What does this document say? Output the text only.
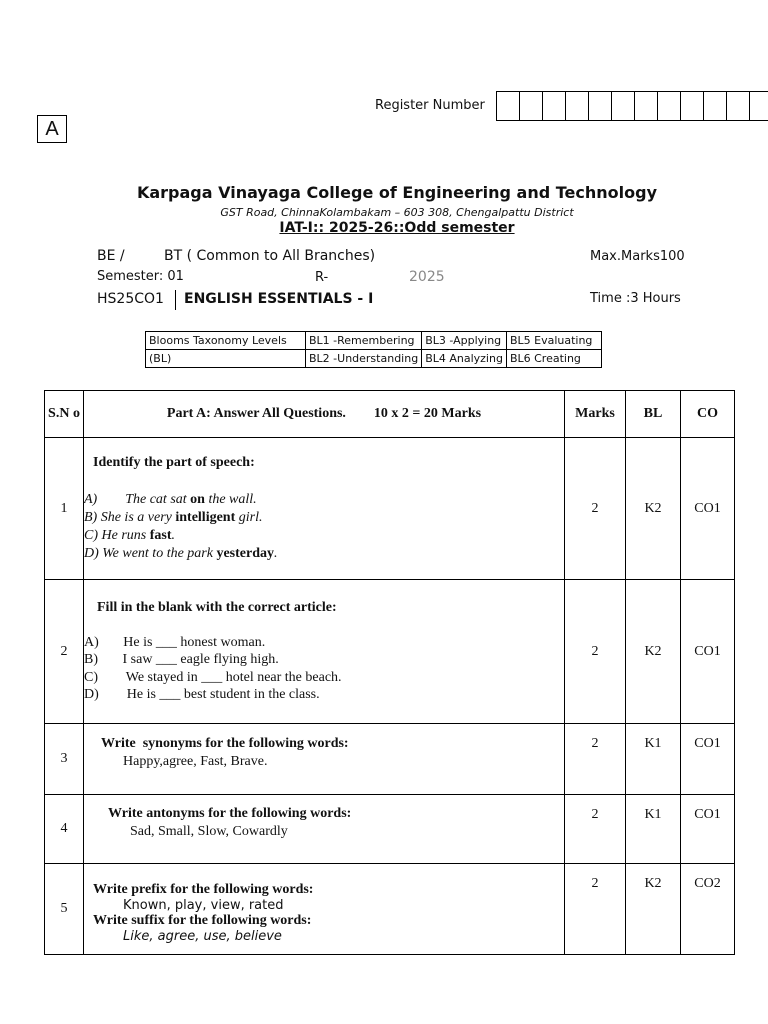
A
Register Number
Karpaga Vinayaga College of Engineering and Technology
GST Road, ChinnaKolambakam – 603 308, Chengalpattu District
IAT-I:: 2025-26::Odd semester
BE /	BT ( Common to All Branches)	Max.Marks100
Semester: 01	R-	2025
HS25CO1 ENGLISH ESSENTIALS - I	Time :3 Hours
Blooms Taxonomy Levels	BL1 -Remembering	BL3 -Applying	BL5 Evaluating
(BL)	BL2 -Understanding	BL4 Analyzing	BL6 Creating
S.N o	Part A: Answer All Questions.        10 x 2 = 20 Marks	Marks	BL	CO
1	Identify the part of speech:
A)        The cat sat on the wall.
B) She is a very intelligent girl.
C) He runs fast.
D) We went to the park yesterday.	2	K2	CO1
2	Fill in the blank with the correct article:
A)       He is ___ honest woman.
B)       I saw ___ eagle flying high.
C)        We stayed in ___ hotel near the beach.
D)        He is ___ best student in the class.	2	K2	CO1
3	Write  synonyms for the following words:
Happy,agree, Fast, Brave.	2	K1	CO1
4	Write antonyms for the following words:
Sad, Small, Slow, Cowardly	2	K1	CO1
5	Write prefix for the following words:
Known, play, view, rated
Write suffix for the following words:
Like, agree, use, believe	2	K2	CO2
